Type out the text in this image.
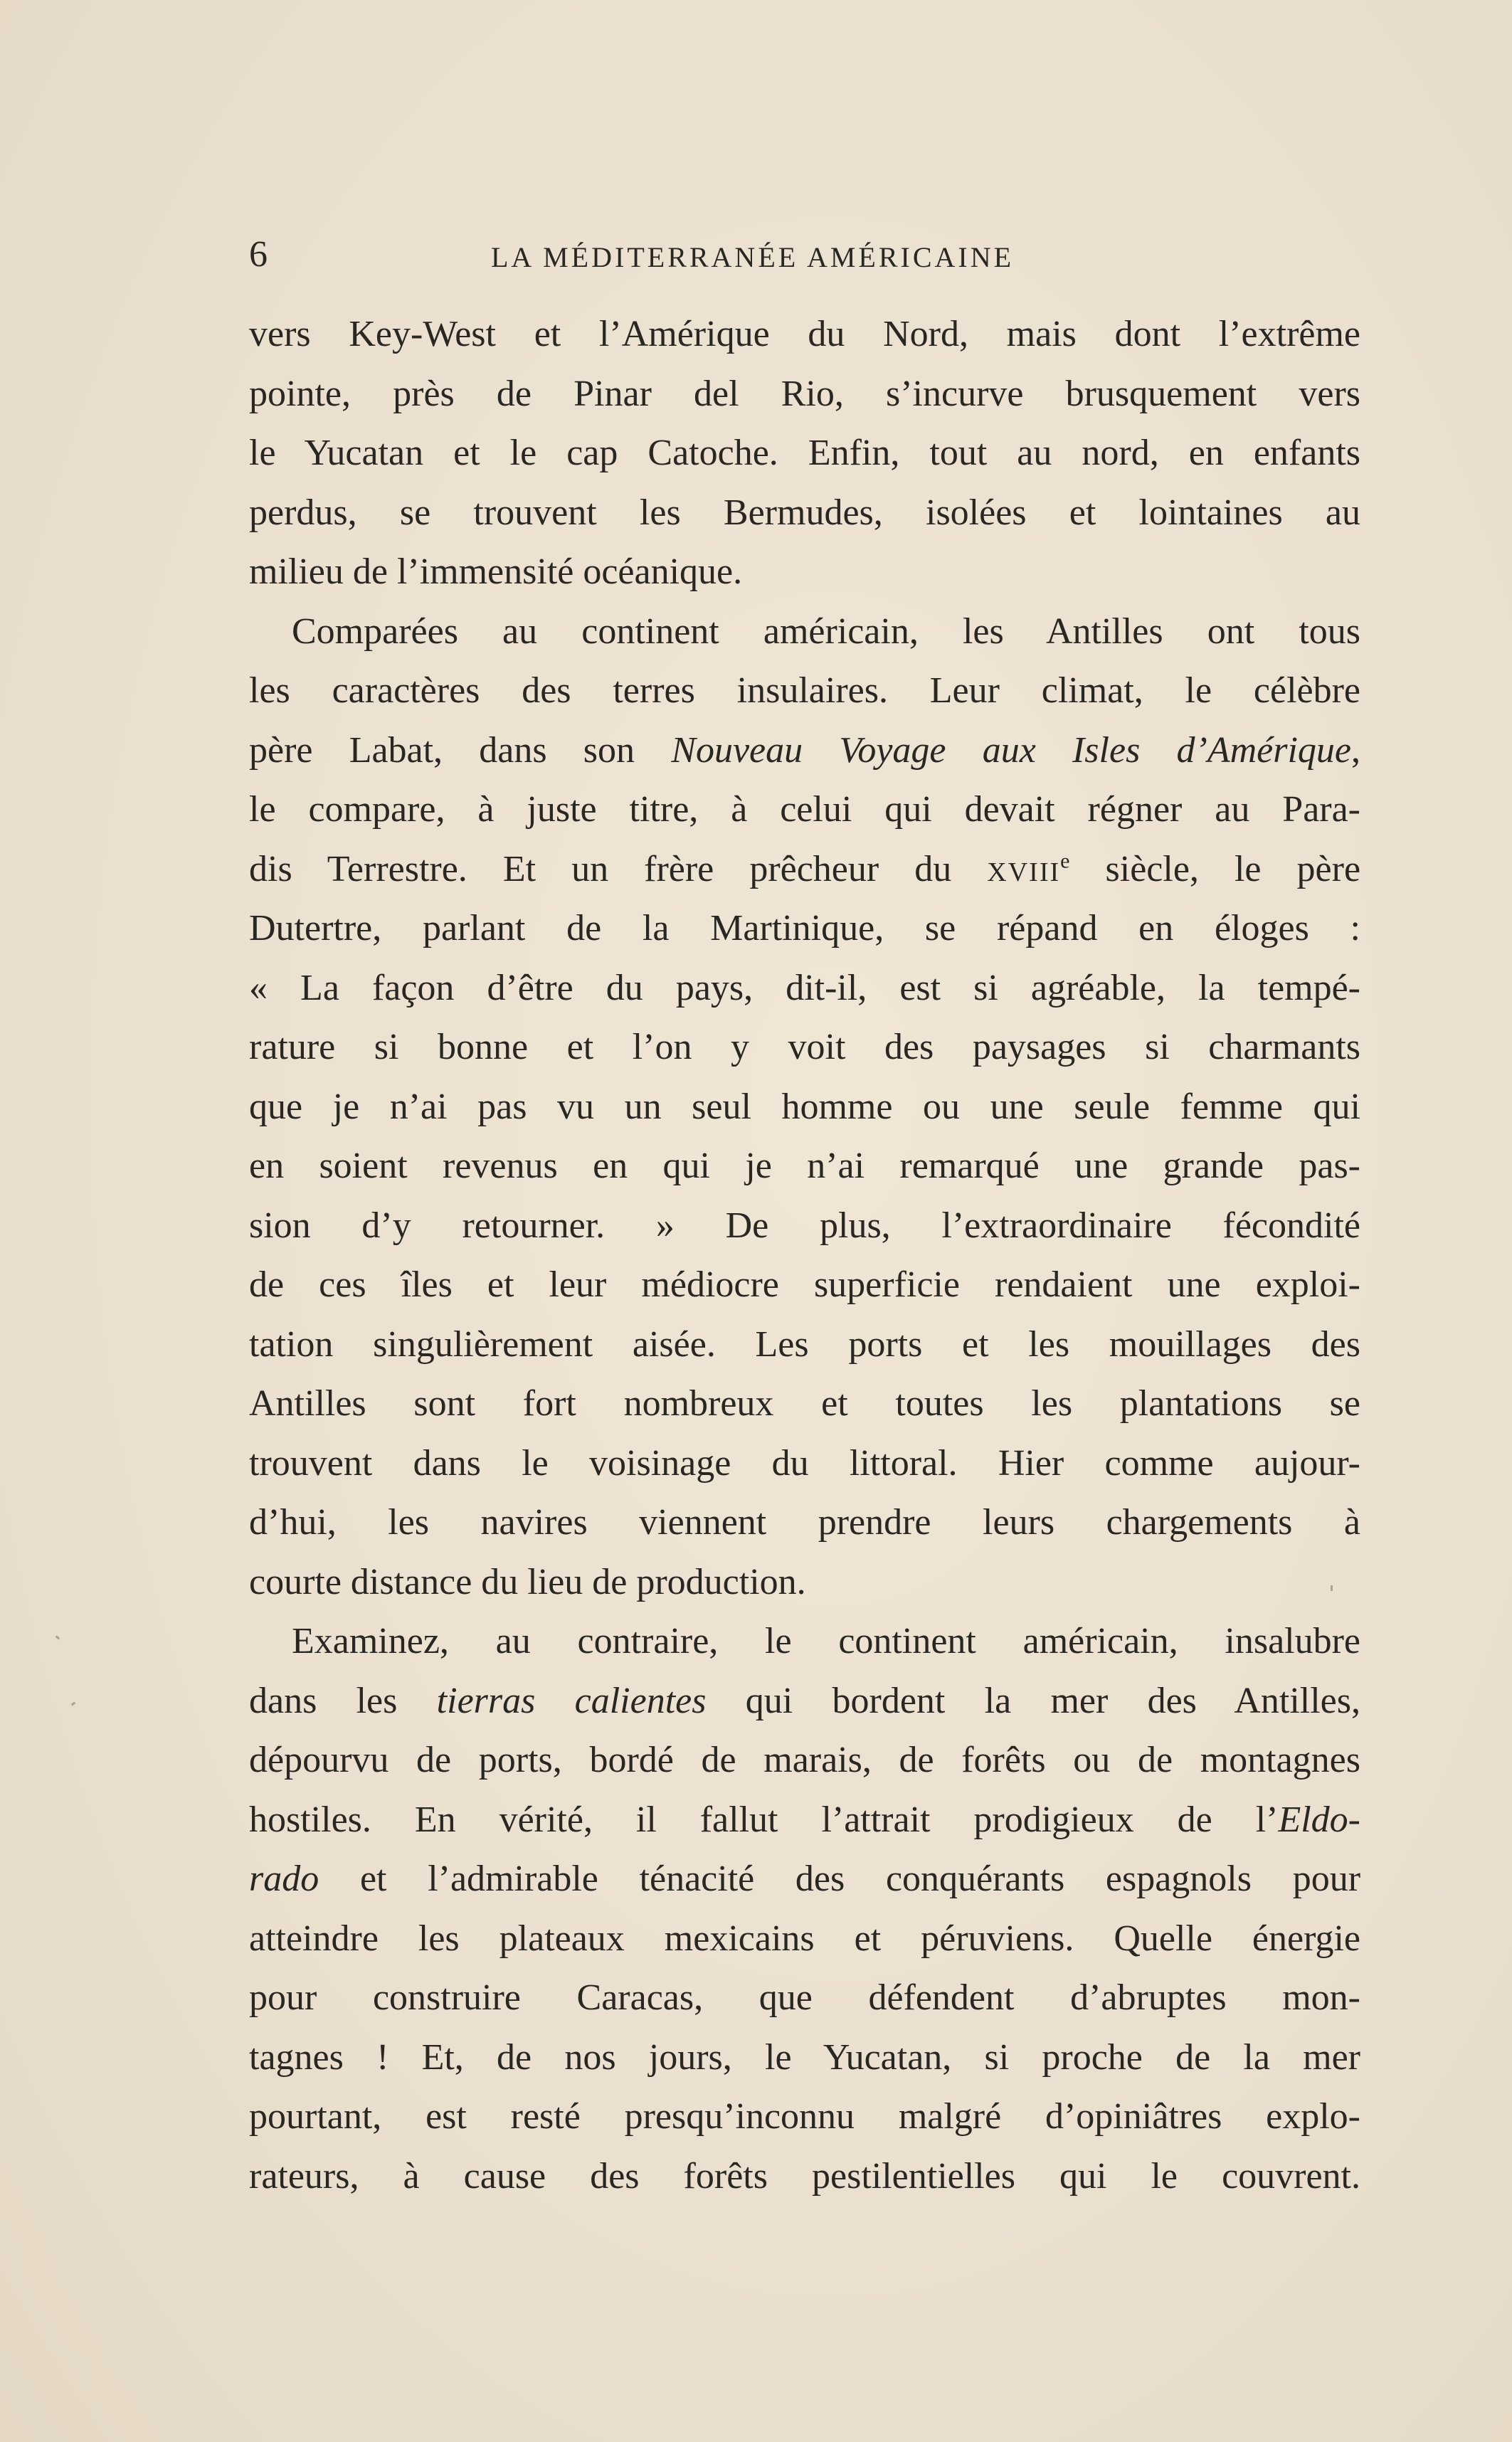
6	LA MÉDITERRANÉE AMÉRICAINE
vers Key-West et l’Amérique du Nord, mais dont l’extrême
pointe, près de Pinar del Rio, s’incurve brusquement vers
le Yucatan et le cap Catoche. Enfin, tout au nord, en enfants
perdus, se trouvent les Bermudes, isolées et lointaines au
milieu de l’immensité océanique.
Comparées au continent américain, les Antilles ont tous
les caractères des terres insulaires. Leur climat, le célèbre
père Labat, dans son Nouveau Voyage aux Isles d’Amérique,
le compare, à juste titre, à celui qui devait régner au Para-
dis Terrestre. Et un frère prêcheur du XVIIIe siècle, le père
Dutertre, parlant de la Martinique, se répand en éloges :
« La façon d’être du pays, dit-il, est si agréable, la tempé-
rature si bonne et l’on y voit des paysages si charmants
que je n’ai pas vu un seul homme ou une seule femme qui
en soient revenus en qui je n’ai remarqué une grande pas-
sion d’y retourner. » De plus, l’extraordinaire fécondité
de ces îles et leur médiocre superficie rendaient une exploi-
tation singulièrement aisée. Les ports et les mouillages des
Antilles sont fort nombreux et toutes les plantations se
trouvent dans le voisinage du littoral. Hier comme aujour-
d’hui, les navires viennent prendre leurs chargements à
courte distance du lieu de production.
Examinez, au contraire, le continent américain, insalubre
dans les tierras calientes qui bordent la mer des Antilles,
dépourvu de ports, bordé de marais, de forêts ou de montagnes
hostiles. En vérité, il fallut l’attrait prodigieux de l’Eldo-
rado et l’admirable ténacité des conquérants espagnols pour
atteindre les plateaux mexicains et péruviens. Quelle énergie
pour construire Caracas, que défendent d’abruptes mon-
tagnes ! Et, de nos jours, le Yucatan, si proche de la mer
pourtant, est resté presqu’inconnu malgré d’opiniâtres explo-
rateurs, à cause des forêts pestilentielles qui le couvrent.
